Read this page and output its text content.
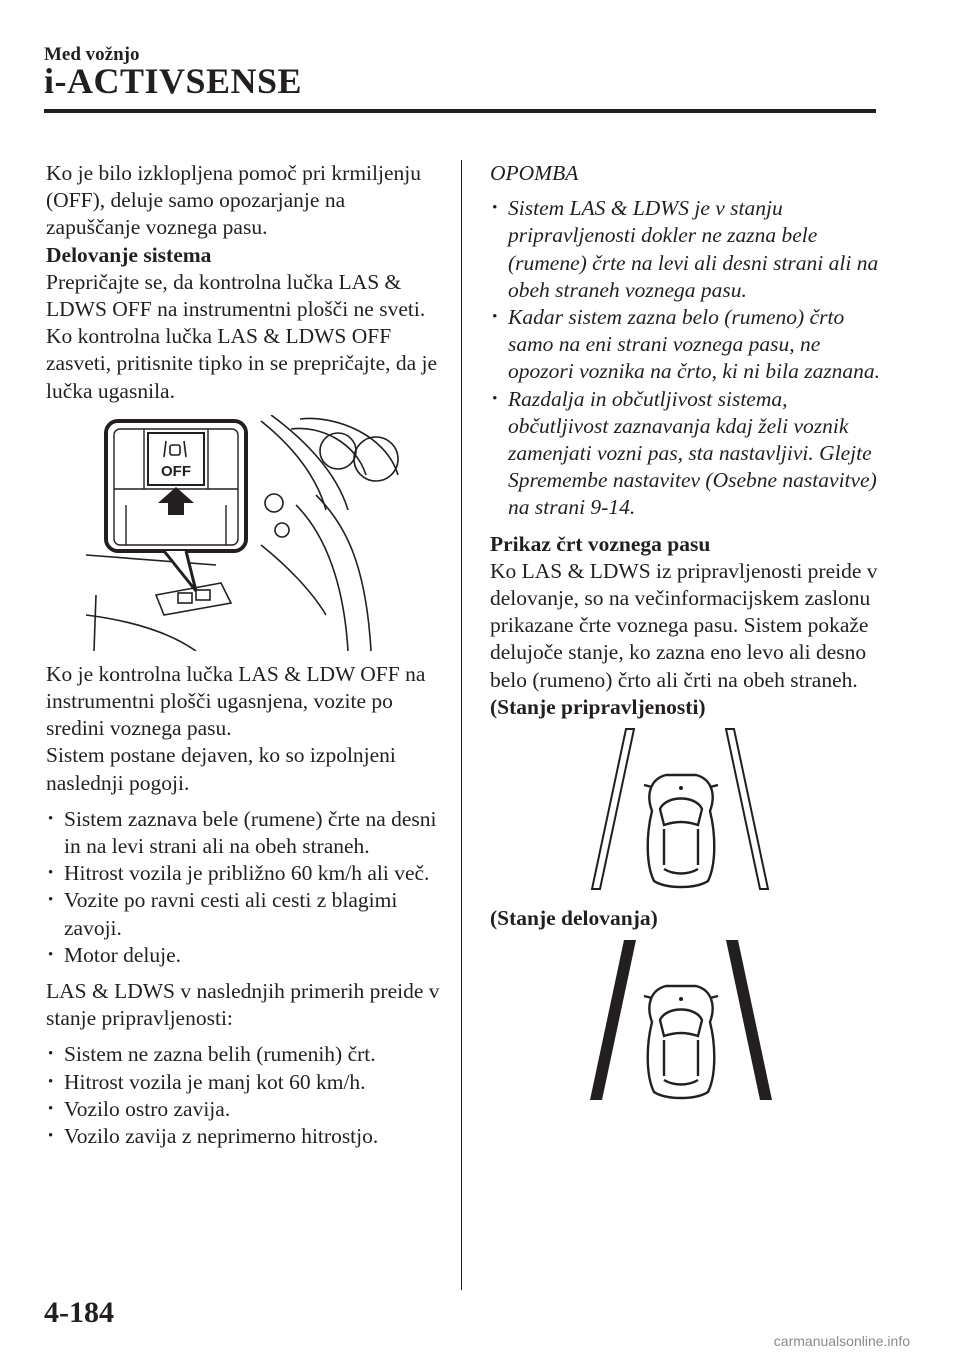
Med vožnjo
i-ACTIVSENSE

Ko je bilo izklopljena pomoč pri krmiljenju (OFF), deluje samo opozarjanje na zapuščanje voznega pasu.

Delovanje sistema

Prepričajte se, da kontrolna lučka LAS & LDWS OFF na instrumentni plošči ne sveti. Ko kontrolna lučka LAS & LDWS OFF zasveti, pritisnite tipko in se prepričajte, da je lučka ugasnila.

OFF

Ko je kontrolna lučka LAS & LDW OFF na instrumentni plošči ugasnjena, vozite po sredini voznega pasu.

Sistem postane dejaven, ko so izpolnjeni naslednji pogoji.

• Sistem zaznava bele (rumene) črte na desni in na levi strani ali na obeh straneh.
• Hitrost vozila je približno 60 km/h ali več.
• Vozite po ravni cesti ali cesti z blagimi zavoji.
• Motor deluje.

LAS & LDWS v naslednjih primerih preide v stanje pripravljenosti:

• Sistem ne zazna belih (rumenih) črt.
• Hitrost vozila je manj kot 60 km/h.
• Vozilo ostro zavija.
• Vozilo zavija z neprimerno hitrostjo.

OPOMBA

• Sistem LAS & LDWS je v stanju pripravljenosti dokler ne zazna bele (rumene) črte na levi ali desni strani ali na obeh straneh voznega pasu.
• Kadar sistem zazna belo (rumeno) črto samo na eni strani voznega pasu, ne opozori voznika na črto, ki ni bila zaznana.
• Razdalja in občutljivost sistema, občutljivost zaznavanja kdaj želi voznik zamenjati vozni pas, sta nastavljivi. Glejte Spremembe nastavitev (Osebne nastavitve) na strani 9-14.

Prikaz črt voznega pasu

Ko LAS & LDWS iz pripravljenosti preide v delovanje, so na večinformacijskem zaslonu prikazane črte voznega pasu. Sistem pokaže delujoče stanje, ko zazna eno levo ali desno belo (rumeno) črto ali črti na obeh straneh.

(Stanje pripravljenosti)

(Stanje delovanja)

4-184
carmanualsonline.info
